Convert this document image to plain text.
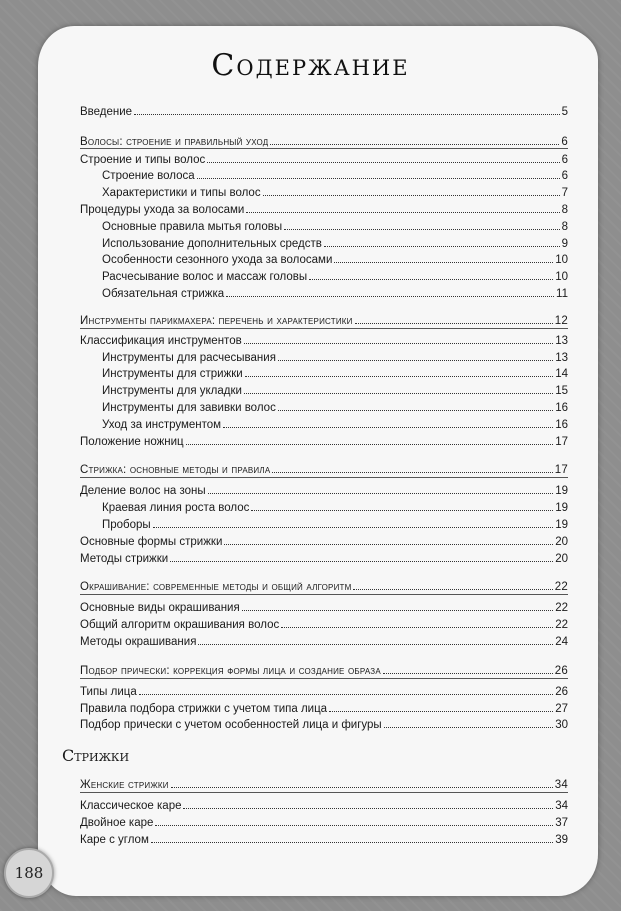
Содержание
Введение	5
Волосы: строение и правильный уход	6
Строение и типы волос	6
Строение волоса	6
Характеристики и типы волос	7
Процедуры ухода за волосами	8
Основные правила мытья головы	8
Использование дополнительных средств	9
Особенности сезонного ухода за волосами	10
Расчесывание волос и массаж головы	10
Обязательная стрижка	11
Инструменты парикмахера: перечень и характеристики	12
Классификация инструментов	13
Инструменты для расчесывания	13
Инструменты для стрижки	14
Инструменты для укладки	15
Инструменты для завивки волос	16
Уход за инструментом	16
Положение ножниц	17
Стрижка: основные методы и правила	17
Деление волос на зоны	19
Краевая линия роста волос	19
Проборы	19
Основные формы стрижки	20
Методы стрижки	20
Окрашивание: современные методы и общий алгоритм	22
Основные виды окрашивания	22
Общий алгоритм окрашивания волос	22
Методы окрашивания	24
Подбор прически: коррекция формы лица и создание образа	26
Типы лица	26
Правила подбора стрижки с учетом типа лица	27
Подбор прически с учетом особенностей лица и фигуры	30
Стрижки
Женские стрижки	34
Классическое каре	34
Двойное каре	37
Каре с углом	39
188
